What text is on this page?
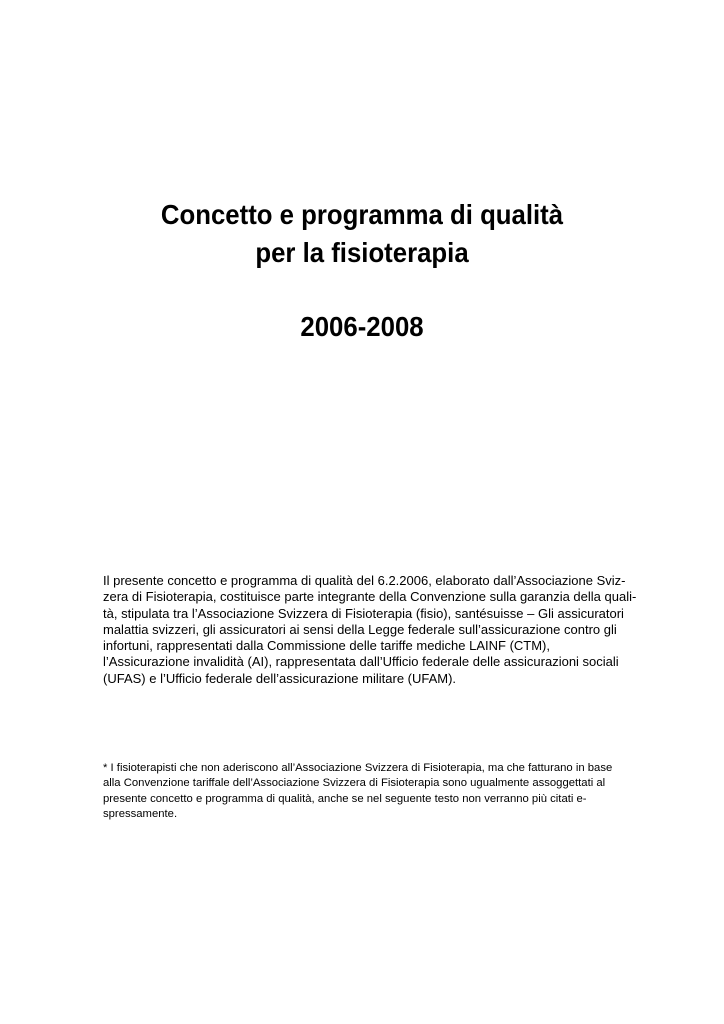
Concetto e programma di qualità

per la fisioterapia

2006-2008
Il presente concetto e programma di qualità del 6.2.2006, elaborato dall’Associazione Sviz-
zera di Fisioterapia, costituisce parte integrante della Convenzione sulla garanzia della quali-
tà, stipulata tra l’Associazione Svizzera di Fisioterapia (fisio), santésuisse – Gli assicuratori
malattia svizzeri, gli assicuratori ai sensi della Legge federale sull’assicurazione contro gli
infortuni, rappresentati dalla Commissione delle tariffe mediche LAINF (CTM),
l’Assicurazione invalidità (AI), rappresentata dall’Ufficio federale delle assicurazioni sociali
(UFAS) e l’Ufficio federale dell’assicurazione militare (UFAM).
* I fisioterapisti che non aderiscono all’Associazione Svizzera di Fisioterapia, ma che fatturano in base
alla Convenzione tariffale dell’Associazione Svizzera di Fisioterapia sono ugualmente assoggettati al
presente concetto e programma di qualità, anche se nel seguente testo non verranno più citati e-
spressamente.
